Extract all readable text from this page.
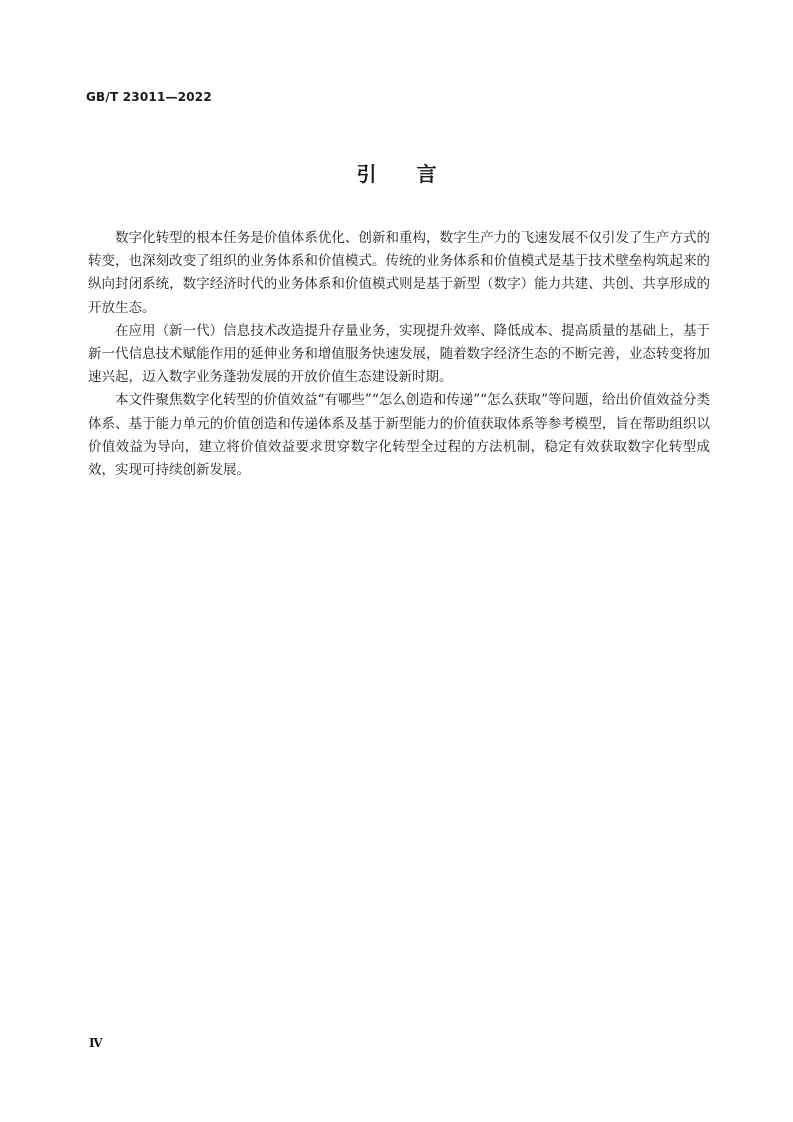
GB/T 23011—2022
引言

数字化转型的根本任务是价值体系优化、创新和重构，数字生产力的飞速发展不仅引发了生产方式的转变，也深刻改变了组织的业务体系和价值模式。传统的业务体系和价值模式是基于技术壁垒构筑起来的纵向封闭系统，数字经济时代的业务体系和价值模式则是基于新型（数字）能力共建、共创、共享形成的开放生态。

在应用（新一代）信息技术改造提升存量业务，实现提升效率、降低成本、提高质量的基础上，基于新一代信息技术赋能作用的延伸业务和增值服务快速发展，随着数字经济生态的不断完善，业态转变将加速兴起，迈入数字业务蓬勃发展的开放价值生态建设新时期。

本文件聚焦数字化转型的价值效益“有哪些”“怎么创造和传递”“怎么获取”等问题，给出价值效益分类体系、基于能力单元的价值创造和传递体系及基于新型能力的价值获取体系等参考模型，旨在帮助组织以价值效益为导向，建立将价值效益要求贯穿数字化转型全过程的方法机制，稳定有效获取数字化转型成效，实现可持续创新发展。

Ⅳ
